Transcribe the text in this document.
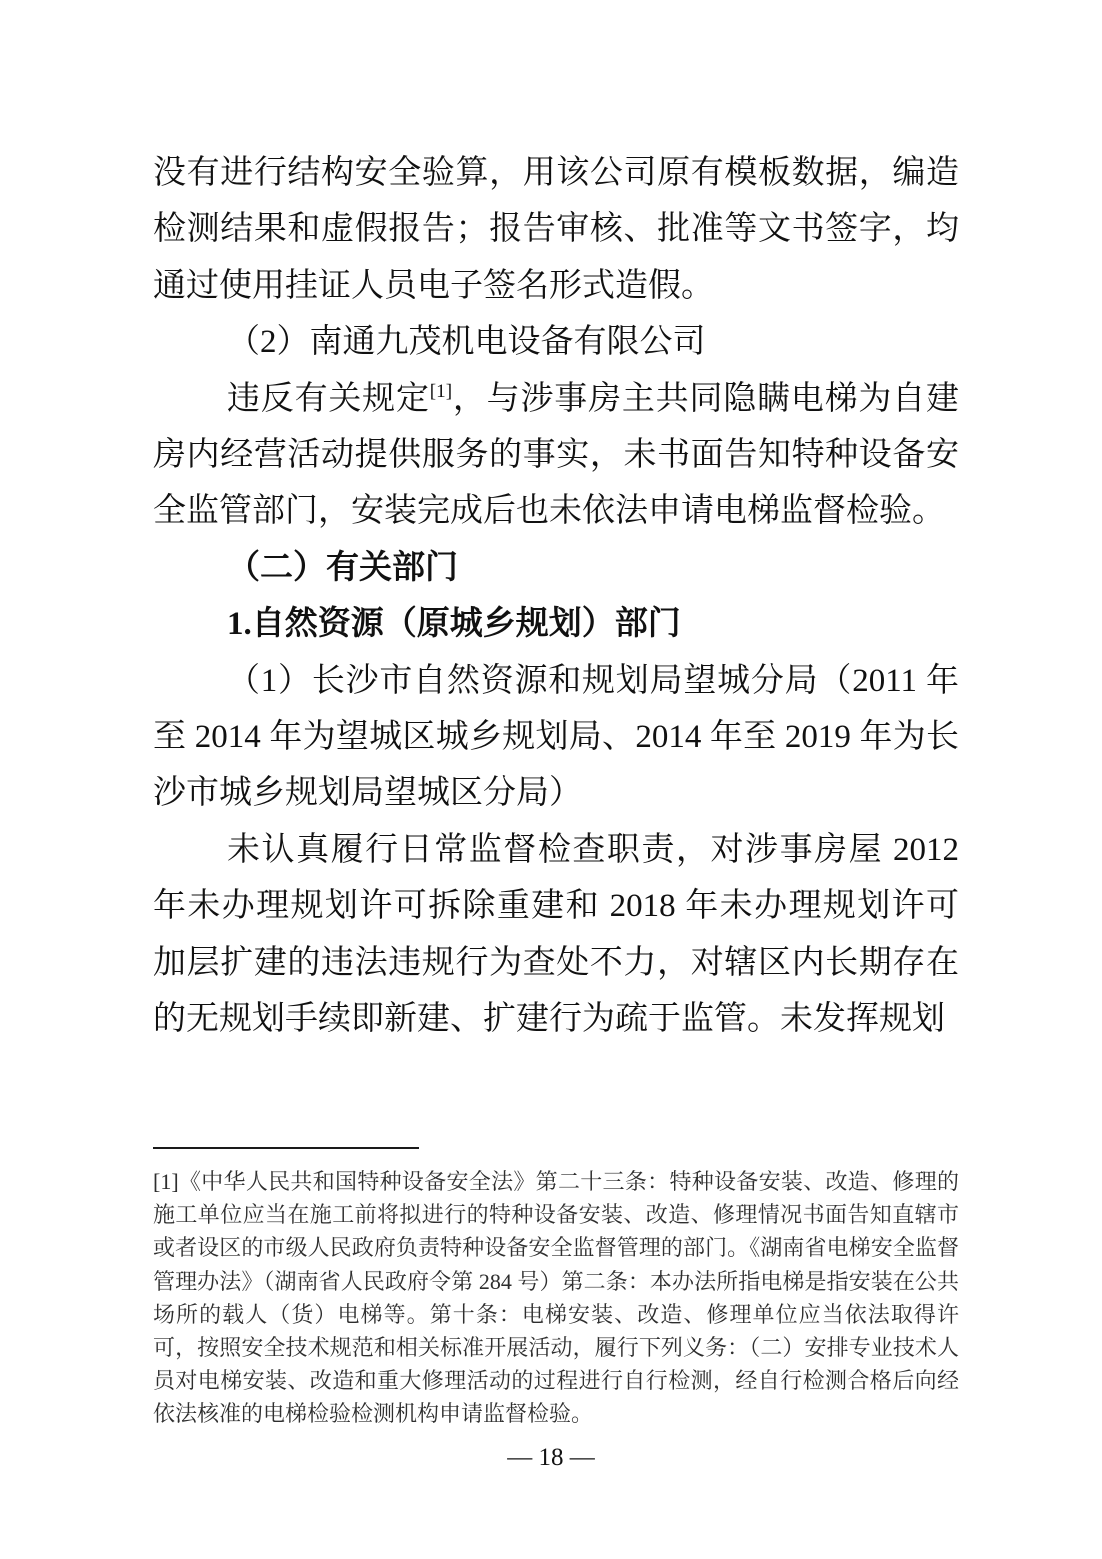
没有进行结构安全验算，用该公司原有模板数据，编造检测结果和虚假报告；报告审核、批准等文书签字，均通过使用挂证人员电子签名形式造假。

（2）南通九茂机电设备有限公司

违反有关规定[1]，与涉事房主共同隐瞒电梯为自建房内经营活动提供服务的事实，未书面告知特种设备安全监管部门，安装完成后也未依法申请电梯监督检验。

（二）有关部门

1.自然资源（原城乡规划）部门

（1）长沙市自然资源和规划局望城分局（2011 年至 2014 年为望城区城乡规划局、2014 年至 2019 年为长沙市城乡规划局望城区分局）

未认真履行日常监督检查职责，对涉事房屋 2012 年未办理规划许可拆除重建和 2018 年未办理规划许可加层扩建的违法违规行为查处不力，对辖区内长期存在的无规划手续即新建、扩建行为疏于监管。未发挥规划

[1]《中华人民共和国特种设备安全法》第二十三条：特种设备安装、改造、修理的施工单位应当在施工前将拟进行的特种设备安装、改造、修理情况书面告知直辖市或者设区的市级人民政府负责特种设备安全监督管理的部门。《湖南省电梯安全监督管理办法》（湖南省人民政府令第 284 号）第二条：本办法所指电梯是指安装在公共场所的载人（货）电梯等。第十条：电梯安装、改造、修理单位应当依法取得许可，按照安全技术规范和相关标准开展活动，履行下列义务：（二）安排专业技术人员对电梯安装、改造和重大修理活动的过程进行自行检测，经自行检测合格后向经依法核准的电梯检验检测机构申请监督检验。
— 18 —
